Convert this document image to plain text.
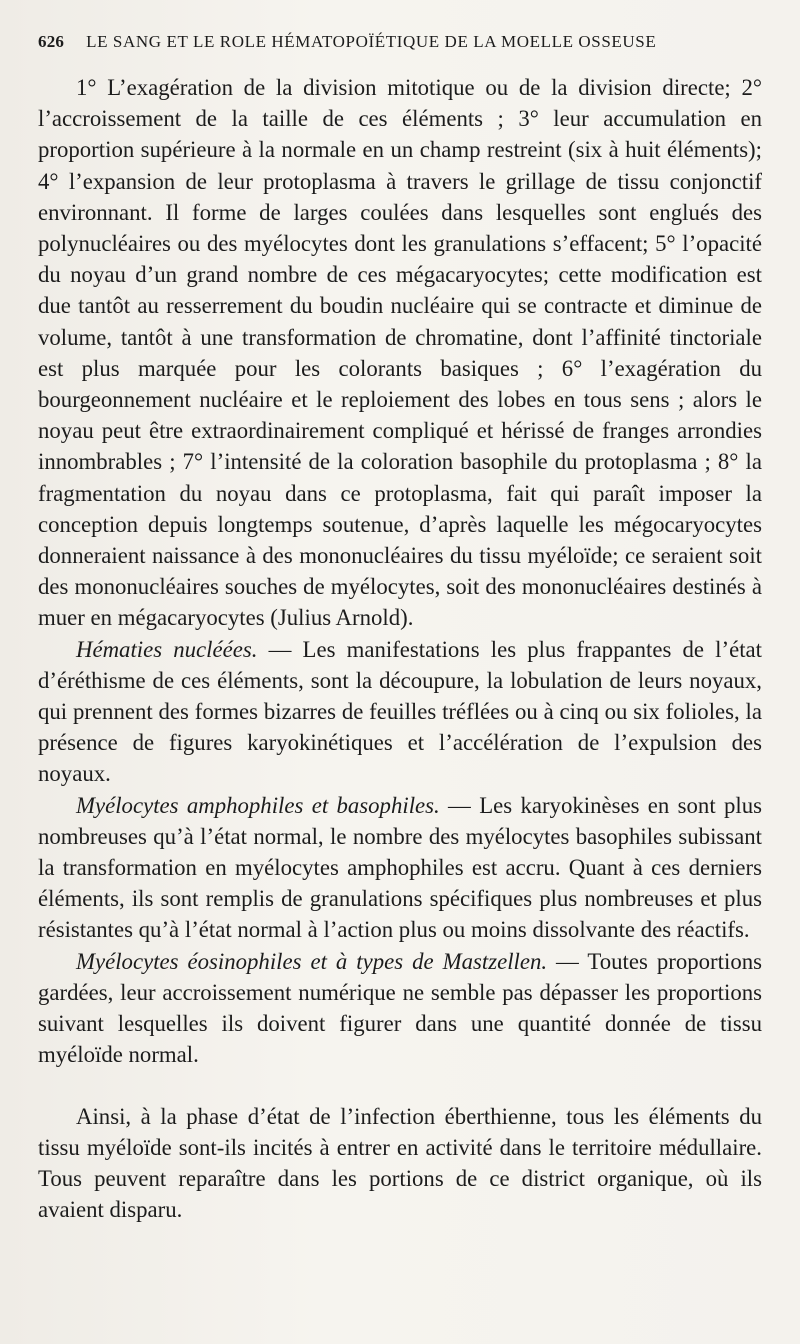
626 LE SANG ET LE ROLE HÉMATOPOÏÉTIQUE DE LA MOELLE OSSEUSE

1° L’exagération de la division mitotique ou de la division directe; 2° l’accroissement de la taille de ces éléments ; 3° leur accumulation en proportion supérieure à la normale en un champ restreint (six à huit éléments); 4° l’expansion de leur protoplasma à travers le grillage de tissu conjonctif environnant. Il forme de larges coulées dans lesquelles sont englués des polynucléaires ou des myélocytes dont les granulations s’effacent; 5° l’opacité du noyau d’un grand nombre de ces mégacaryocytes; cette modification est due tantôt au resserrement du boudin nucléaire qui se contracte et diminue de volume, tantôt à une transformation de chromatine, dont l’affinité tinctoriale est plus marquée pour les colorants basiques ; 6° l’exagération du bourgeonnement nucléaire et le reploiement des lobes en tous sens ; alors le noyau peut être extraordinairement compliqué et hérissé de franges arrondies innombrables ; 7° l’intensité de la coloration basophile du protoplasma ; 8° la fragmentation du noyau dans ce protoplasma, fait qui paraît imposer la conception depuis longtemps soutenue, d’après laquelle les mégocaryocytes donneraient naissance à des mononucléaires du tissu myéloïde; ce seraient soit des mononucléaires souches de myélocytes, soit des mononucléaires destinés à muer en mégacaryocytes (Julius Arnold).

Hématies nucléées. — Les manifestations les plus frappantes de l’état d’éréthisme de ces éléments, sont la découpure, la lobulation de leurs noyaux, qui prennent des formes bizarres de feuilles tréflées ou à cinq ou six folioles, la présence de figures karyokinétiques et l’accélération de l’expulsion des noyaux.

Myélocytes amphophiles et basophiles. — Les karyokinèses en sont plus nombreuses qu’à l’état normal, le nombre des myélocytes basophiles subissant la transformation en myélocytes amphophiles est accru. Quant à ces derniers éléments, ils sont remplis de granulations spécifiques plus nombreuses et plus résistantes qu’à l’état normal à l’action plus ou moins dissolvante des réactifs.

Myélocytes éosinophiles et à types de Mastzellen. — Toutes proportions gardées, leur accroissement numérique ne semble pas dépasser les proportions suivant lesquelles ils doivent figurer dans une quantité donnée de tissu myéloïde normal.

Ainsi, à la phase d’état de l’infection éberthienne, tous les éléments du tissu myéloïde sont-ils incités à entrer en activité dans le territoire médullaire. Tous peuvent reparaître dans les portions de ce district organique, où ils avaient disparu.
